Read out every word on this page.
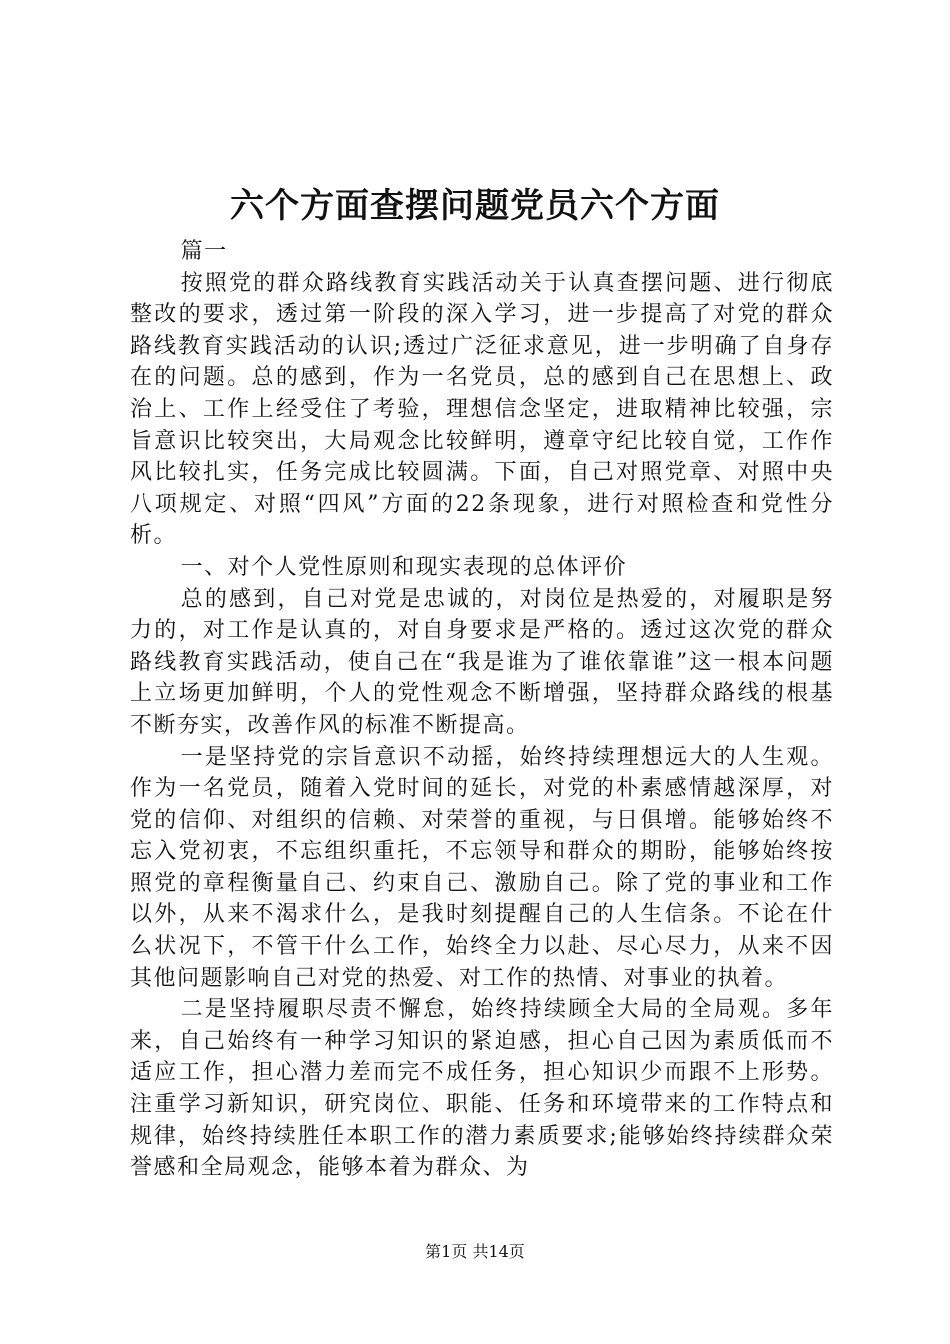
六个方面查摆问题党员六个方面

篇一

按照党的群众路线教育实践活动关于认真查摆问题、进行彻底整改的要求，透过第一阶段的深入学习，进一步提高了对党的群众路线教育实践活动的认识;透过广泛征求意见，进一步明确了自身存在的问题。总的感到，作为一名党员，总的感到自己在思想上、政治上、工作上经受住了考验，理想信念坚定，进取精神比较强，宗旨意识比较突出，大局观念比较鲜明，遵章守纪比较自觉，工作作风比较扎实，任务完成比较圆满。下面，自己对照党章、对照中央八项规定、对照“四风”方面的22条现象，进行对照检查和党性分析。

一、对个人党性原则和现实表现的总体评价

总的感到，自己对党是忠诚的，对岗位是热爱的，对履职是努力的，对工作是认真的，对自身要求是严格的。透过这次党的群众路线教育实践活动，使自己在“我是谁为了谁依靠谁”这一根本问题上立场更加鲜明，个人的党性观念不断增强，坚持群众路线的根基不断夯实，改善作风的标准不断提高。

一是坚持党的宗旨意识不动摇，始终持续理想远大的人生观。作为一名党员，随着入党时间的延长，对党的朴素感情越深厚，对党的信仰、对组织的信赖、对荣誉的重视，与日俱增。能够始终不忘入党初衷，不忘组织重托，不忘领导和群众的期盼，能够始终按照党的章程衡量自己、约束自己、激励自己。除了党的事业和工作以外，从来不渴求什么，是我时刻提醒自己的人生信条。不论在什么状况下，不管干什么工作，始终全力以赴、尽心尽力，从来不因其他问题影响自己对党的热爱、对工作的热情、对事业的执着。

二是坚持履职尽责不懈怠，始终持续顾全大局的全局观。多年来，自己始终有一种学习知识的紧迫感，担心自己因为素质低而不适应工作，担心潜力差而完不成任务，担心知识少而跟不上形势。注重学习新知识，研究岗位、职能、任务和环境带来的工作特点和规律，始终持续胜任本职工作的潜力素质要求;能够始终持续群众荣誉感和全局观念，能够本着为群众、为

第1页 共14页
